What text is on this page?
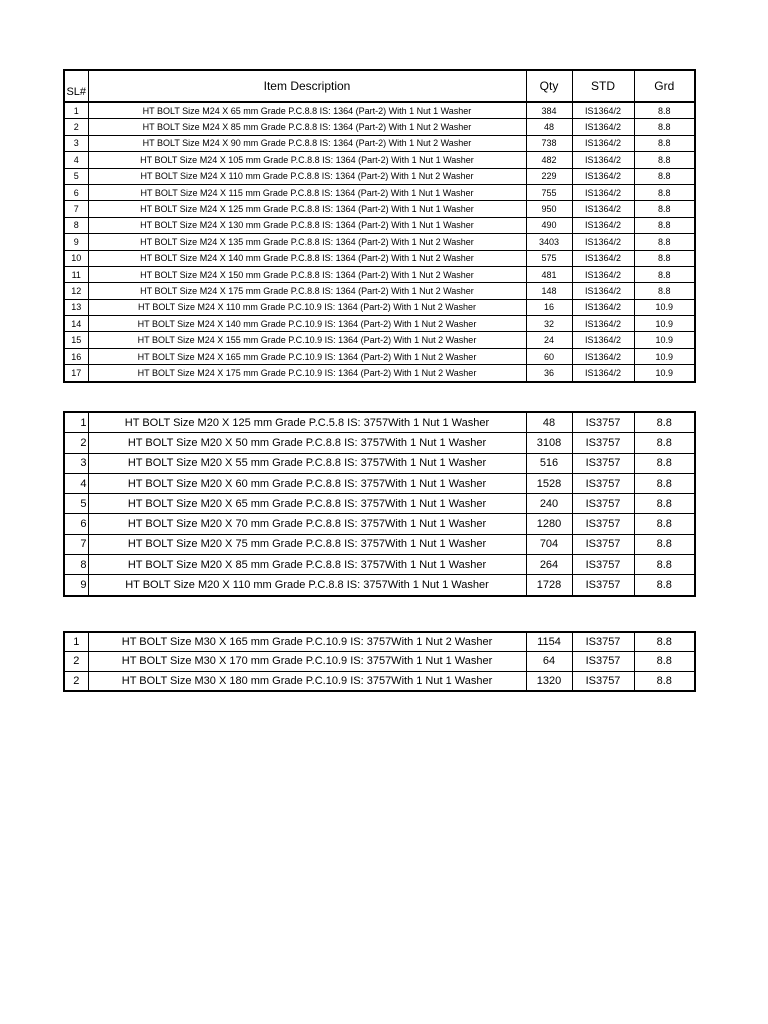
SL#	Item Description	Qty	STD	Grd
1	HT BOLT Size M24 X 65 mm Grade P.C.8.8 IS: 1364 (Part-2) With 1 Nut 1 Washer	384	IS1364/2	8.8
2	HT BOLT Size M24 X 85 mm Grade P.C.8.8 IS: 1364 (Part-2) With 1 Nut 2 Washer	48	IS1364/2	8.8
3	HT BOLT Size M24 X 90 mm Grade P.C.8.8 IS: 1364 (Part-2) With 1 Nut 2 Washer	738	IS1364/2	8.8
4	HT BOLT Size M24 X 105 mm Grade P.C.8.8 IS: 1364 (Part-2) With 1 Nut 1 Washer	482	IS1364/2	8.8
5	HT BOLT Size M24 X 110 mm Grade P.C.8.8 IS: 1364 (Part-2) With 1 Nut 2 Washer	229	IS1364/2	8.8
6	HT BOLT Size M24 X 115 mm Grade P.C.8.8 IS: 1364 (Part-2) With 1 Nut 1 Washer	755	IS1364/2	8.8
7	HT BOLT Size M24 X 125 mm Grade P.C.8.8 IS: 1364 (Part-2) With 1 Nut 1 Washer	950	IS1364/2	8.8
8	HT BOLT Size M24 X 130 mm Grade P.C.8.8 IS: 1364 (Part-2) With 1 Nut 1 Washer	490	IS1364/2	8.8
9	HT BOLT Size M24 X 135 mm Grade P.C.8.8 IS: 1364 (Part-2) With 1 Nut 2 Washer	3403	IS1364/2	8.8
10	HT BOLT Size M24 X 140 mm Grade P.C.8.8 IS: 1364 (Part-2) With 1 Nut 2 Washer	575	IS1364/2	8.8
11	HT BOLT Size M24 X 150 mm Grade P.C.8.8 IS: 1364 (Part-2) With 1 Nut 2 Washer	481	IS1364/2	8.8
12	HT BOLT Size M24 X 175 mm Grade P.C.8.8 IS: 1364 (Part-2) With 1 Nut 2 Washer	148	IS1364/2	8.8
13	HT BOLT Size M24 X 110 mm Grade P.C.10.9 IS: 1364 (Part-2) With 1 Nut 2 Washer	16	IS1364/2	10.9
14	HT BOLT Size M24 X 140 mm Grade P.C.10.9 IS: 1364 (Part-2) With 1 Nut 2 Washer	32	IS1364/2	10.9
15	HT BOLT Size M24 X 155 mm Grade P.C.10.9 IS: 1364 (Part-2) With 1 Nut 2 Washer	24	IS1364/2	10.9
16	HT BOLT Size M24 X 165 mm Grade P.C.10.9 IS: 1364 (Part-2) With 1 Nut 2 Washer	60	IS1364/2	10.9
17	HT BOLT Size M24 X 175 mm Grade P.C.10.9 IS: 1364 (Part-2) With 1 Nut 2 Washer	36	IS1364/2	10.9
1	HT BOLT Size M20 X 125 mm Grade P.C.5.8 IS: 3757With 1 Nut 1 Washer	48	IS3757	8.8
2	HT BOLT Size M20 X 50 mm Grade P.C.8.8 IS: 3757With 1 Nut 1 Washer	3108	IS3757	8.8
3	HT BOLT Size M20 X 55 mm Grade P.C.8.8 IS: 3757With 1 Nut 1 Washer	516	IS3757	8.8
4	HT BOLT Size M20 X 60 mm Grade P.C.8.8 IS: 3757With 1 Nut 1 Washer	1528	IS3757	8.8
5	HT BOLT Size M20 X 65 mm Grade P.C.8.8 IS: 3757With 1 Nut 1 Washer	240	IS3757	8.8
6	HT BOLT Size M20 X 70 mm Grade P.C.8.8 IS: 3757With 1 Nut 1 Washer	1280	IS3757	8.8
7	HT BOLT Size M20 X 75 mm Grade P.C.8.8 IS: 3757With 1 Nut 1 Washer	704	IS3757	8.8
8	HT BOLT Size M20 X 85 mm Grade P.C.8.8 IS: 3757With 1 Nut 1 Washer	264	IS3757	8.8
9	HT BOLT Size M20 X 110 mm Grade P.C.8.8 IS: 3757With 1 Nut 1 Washer	1728	IS3757	8.8
1	HT BOLT Size M30 X 165 mm Grade P.C.10.9 IS: 3757With 1 Nut 2 Washer	1154	IS3757	8.8
2	HT BOLT Size M30 X 170 mm Grade P.C.10.9 IS: 3757With 1 Nut 1 Washer	64	IS3757	8.8
2	HT BOLT Size M30 X 180 mm Grade P.C.10.9 IS: 3757With 1 Nut 1 Washer	1320	IS3757	8.8
